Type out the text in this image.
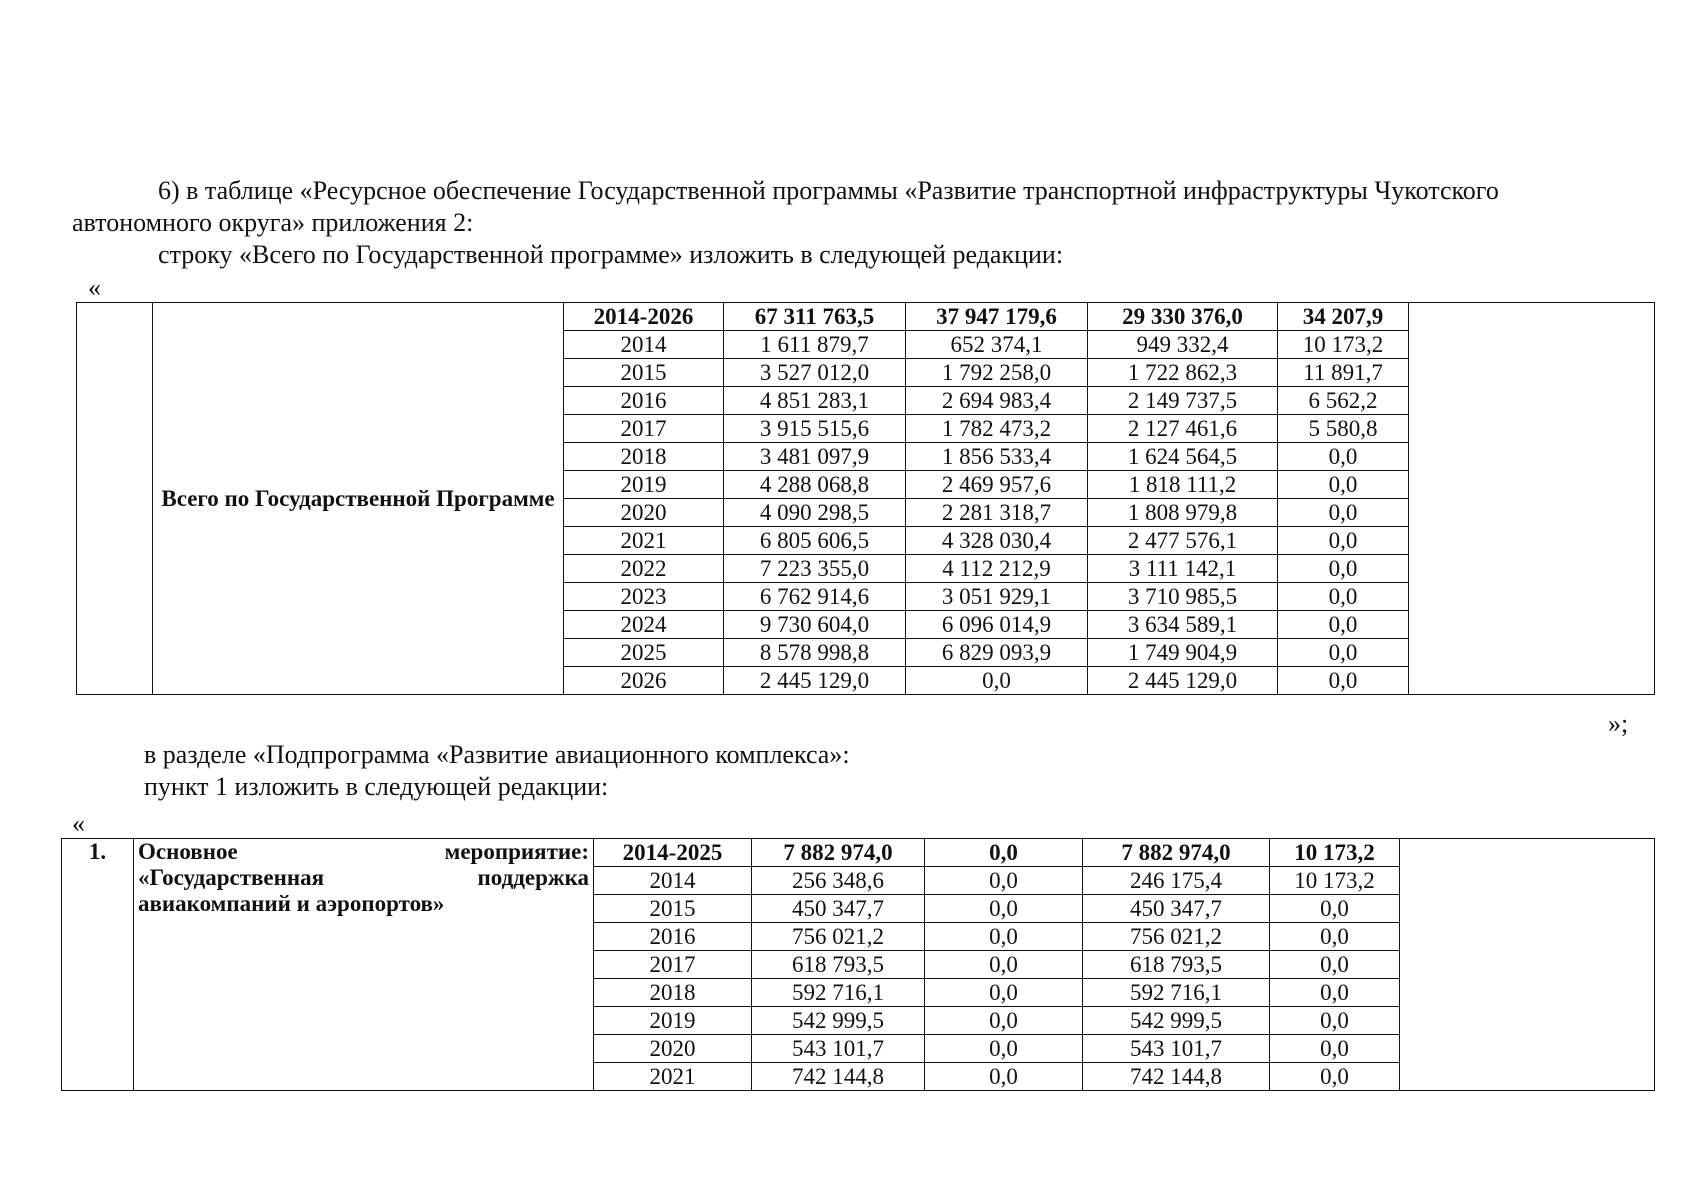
6) в таблице «Ресурсное обеспечение Государственной программы «Развитие транспортной инфраструктуры Чукотского автономного округа» приложения 2:
строку «Всего по Государственной программе» изложить в следующей редакции:
«
	Всего по Государственной Программе	2014-2026	67 311 763,5	37 947 179,6	29 330 376,0	34 207,9	
		2014	1 611 879,7	652 374,1	949 332,4	10 173,2	
		2015	3 527 012,0	1 792 258,0	1 722 862,3	11 891,7	
		2016	4 851 283,1	2 694 983,4	2 149 737,5	6 562,2	
		2017	3 915 515,6	1 782 473,2	2 127 461,6	5 580,8	
		2018	3 481 097,9	1 856 533,4	1 624 564,5	0,0	
		2019	4 288 068,8	2 469 957,6	1 818 111,2	0,0	
		2020	4 090 298,5	2 281 318,7	1 808 979,8	0,0	
		2021	6 805 606,5	4 328 030,4	2 477 576,1	0,0	
		2022	7 223 355,0	4 112 212,9	3 111 142,1	0,0	
		2023	6 762 914,6	3 051 929,1	3 710 985,5	0,0	
		2024	9 730 604,0	6 096 014,9	3 634 589,1	0,0	
		2025	8 578 998,8	6 829 093,9	1 749 904,9	0,0	
		2026	2 445 129,0	0,0	2 445 129,0	0,0	
»;
в разделе «Подпрограмма «Развитие авиационного комплекса»:
пункт 1 изложить в следующей редакции:
«
1.	Основное мероприятие:
«Государственная поддержка
авиакомпаний и аэропортов»	2014-2025	7 882 974,0	0,0	7 882 974,0	10 173,2	
		2014	256 348,6	0,0	246 175,4	10 173,2	
		2015	450 347,7	0,0	450 347,7	0,0	
		2016	756 021,2	0,0	756 021,2	0,0	
		2017	618 793,5	0,0	618 793,5	0,0	
		2018	592 716,1	0,0	592 716,1	0,0	
		2019	542 999,5	0,0	542 999,5	0,0	
		2020	543 101,7	0,0	543 101,7	0,0	
		2021	742 144,8	0,0	742 144,8	0,0	
